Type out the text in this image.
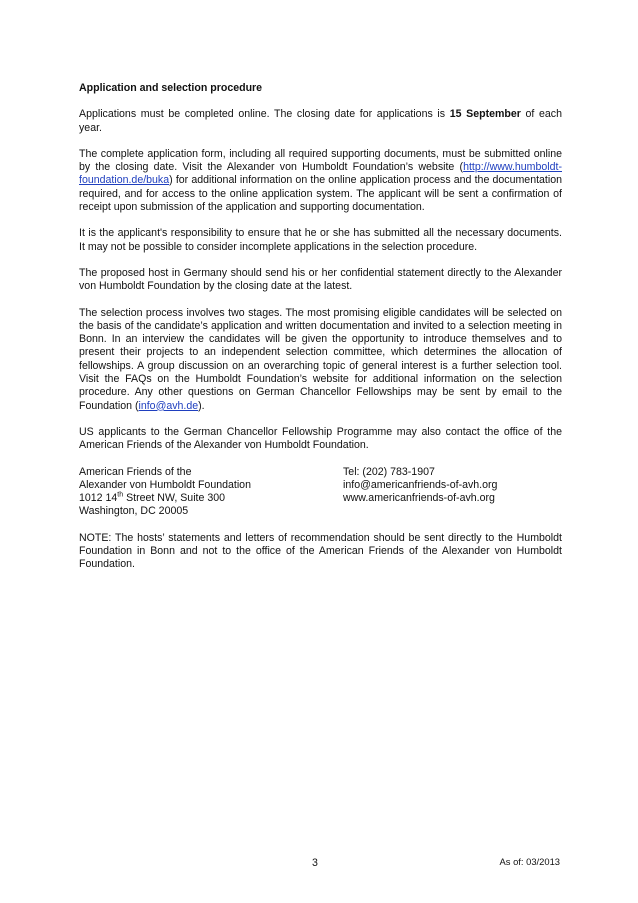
Application and selection procedure

Applications must be completed online. The closing date for applications is 15 September of each year.

The complete application form, including all required supporting documents, must be submitted online by the closing date. Visit the Alexander von Humboldt Foundation’s website (http://www.humboldt-foundation.de/buka) for additional information on the online application process and the documentation required, and for access to the online application system. The applicant will be sent a confirmation of receipt upon submission of the application and supporting documentation.

It is the applicant's responsibility to ensure that he or she has submitted all the necessary documents. It may not be possible to consider incomplete applications in the selection procedure.

The proposed host in Germany should send his or her confidential statement directly to the Alexander von Humboldt Foundation by the closing date at the latest.

The selection process involves two stages. The most promising eligible candidates will be selected on the basis of the candidate’s application and written documentation and invited to a selection meeting in Bonn. In an interview the candidates will be given the opportunity to introduce themselves and to present their projects to an independent selection committee, which determines the allocation of fellowships. A group discussion on an overarching topic of general interest is a further selection tool. Visit the FAQs on the Humboldt Foundation’s website for additional information on the selection procedure. Any other questions on German Chancellor Fellowships may be sent by email to the Foundation (info@avh.de).

US applicants to the German Chancellor Fellowship Programme may also contact the office of the American Friends of the Alexander von Humboldt Foundation.

American Friends of the
Alexander von Humboldt Foundation
1012 14th Street NW, Suite 300
Washington, DC 20005
Tel: (202) 783-1907
info@americanfriends-of-avh.org
www.americanfriends-of-avh.org

NOTE: The hosts’ statements and letters of recommendation should be sent directly to the Humboldt Foundation in Bonn and not to the office of the American Friends of the Alexander von Humboldt Foundation.

3	As of: 03/2013
